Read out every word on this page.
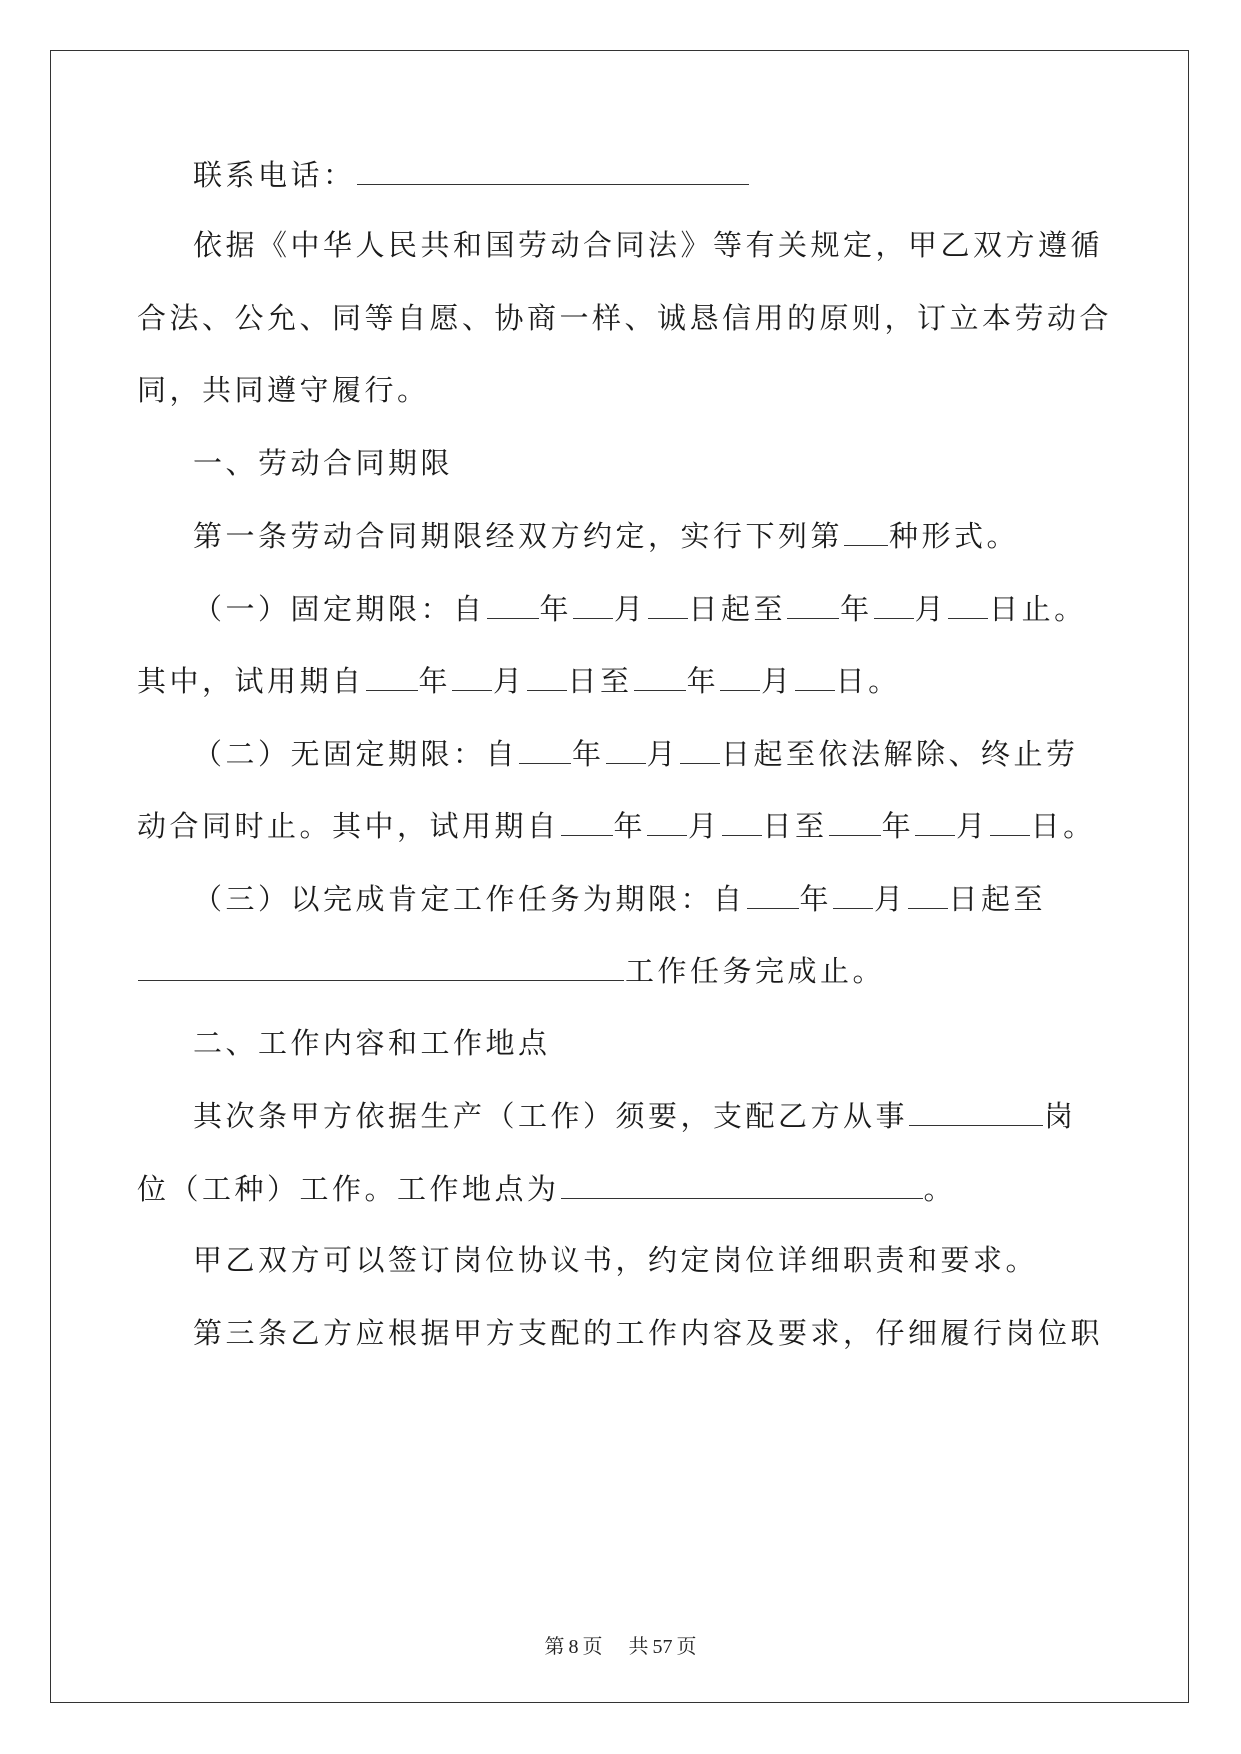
联系电话：
依据《中华人民共和国劳动合同法》等有关规定，甲乙双方遵循
合法、公允、同等自愿、协商一样、诚恳信用的原则，订立本劳动合
同，共同遵守履行。
一、劳动合同期限
第一条劳动合同期限经双方约定，实行下列第 种形式。
（一）固定期限：自 年 月 日起至 年 月 日止。
其中，试用期自 年 月 日至 年 月 日。
（二）无固定期限：自 年 月 日起至依法解除、终止劳
动合同时止。其中，试用期自 年 月 日至 年 月 日。
（三）以完成肯定工作任务为期限：自 年 月 日起至
工作任务完成止。
二、工作内容和工作地点
其次条甲方依据生产（工作）须要，支配乙方从事	岗
位（工种）工作。工作地点为	。
甲乙双方可以签订岗位协议书，约定岗位详细职责和要求。
第三条乙方应根据甲方支配的工作内容及要求，仔细履行岗位职
第 8 页 共 57 页
